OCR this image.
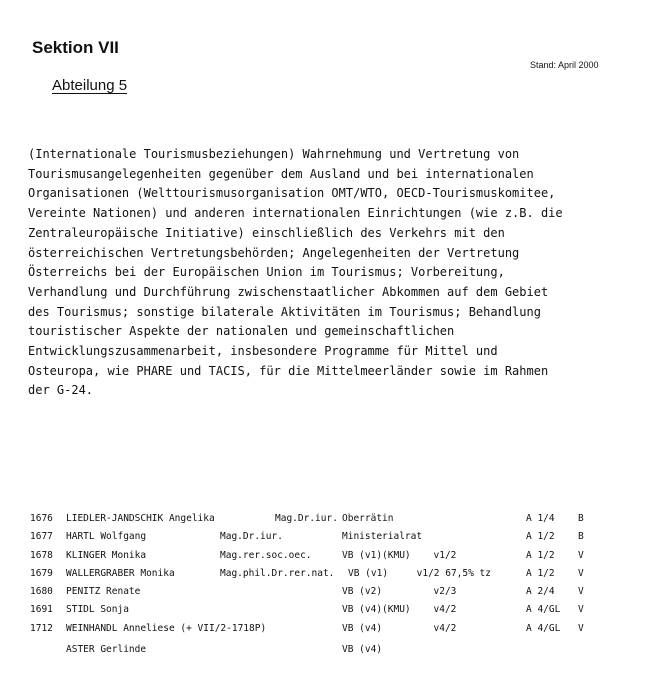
Sektion VII
Stand: April 2000
Abteilung 5

(Internationale Tourismusbeziehungen) Wahrnehmung und Vertretung von
Tourismusangelegenheiten gegenüber dem Ausland und bei internationalen
Organisationen (Welttourismusorganisation OMT/WTO, OECD-Tourismuskomitee,
Vereinte Nationen) und anderen internationalen Einrichtungen (wie z.B. die
Zentraleuropäische Initiative) einschließlich des Verkehrs mit den
österreichischen Vertretungsbehörden; Angelegenheiten der Vertretung
Österreichs bei der Europäischen Union im Tourismus; Vorbereitung,
Verhandlung und Durchführung zwischenstaatlicher Abkommen auf dem Gebiet
des Tourismus; sonstige bilaterale Aktivitäten im Tourismus; Behandlung
touristischer Aspekte der nationalen und gemeinschaftlichen
Entwicklungszusammenarbeit, insbesondere Programme für Mittel und
Osteuropa, wie PHARE und TACIS, für die Mittelmeerländer sowie im Rahmen
der G-24.

1676 LIEDLER-JANDSCHIK Angelika	Mag.Dr.iur. Oberrätin	A 1/4 B
1677 HARTL Wolfgang	Mag.Dr.iur.	Ministerialrat	A 1/2 B
1678 KLINGER Monika	Mag.rer.soc.oec.	VB (v1)(KMU)    v1/2	A 1/2 V
1679 WALLERGRABER Monika	Mag.phil.Dr.rer.nat. VB (v1)     v1/2 67,5% tz	A 1/2 V
1680 PENITZ Renate	VB (v2)         v2/3	A 2/4 V
1691 STIDL Sonja	VB (v4)(KMU)    v4/2	A 4/GL V
1712 WEINHANDL Anneliese (+ VII/2-1718P)	VB (v4)         v4/2	A 4/GL V
ASTER Gerlinde	VB (v4)
